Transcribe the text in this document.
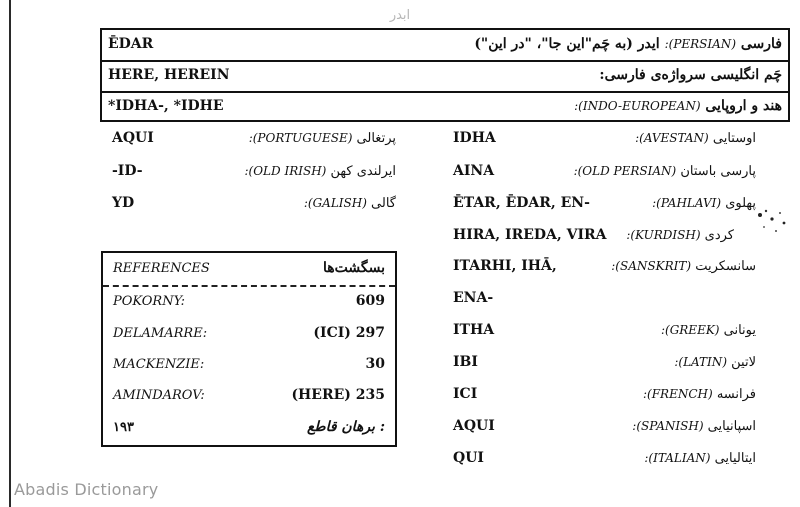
ابدر
ĒDAR	فارسی (PERSIAN): ایدر (به چَم"این جا"، "در این")
HERE, HEREIN	چَم انگلیسی سرواژه‌ی فارسی:
*IDHA-, *IDHE	هند و اروپایی (INDO-EUROPEAN):
AQUI	پرتغالی (PORTUGUESE):
-ID-	ایرلندی کهن (OLD IRISH):
YD	گالی (GALISH):
REFERENCES	بسگشت‌ها
POKORNY:	609
DELAMARRE:	(ICI) 297
MACKENZIE:	30
AMINDAROV:	(HERE) 235
۱۹۳	برهان قاطع :
IDHA	اوستایی (AVESTAN):
AINA	پارسی باستان (OLD PERSIAN):
ĒTAR, ĒDAR, EN-	پهلوی (PAHLAVI):
HIRA, IREDA, VIRA	کردی (KURDISH):
ITARHI, IHĀ,	سانسکریت (SANSKRIT):
ENA-
ITHA	یونانی (GREEK):
IBI	لاتین (LATIN):
ICI	فرانسه (FRENCH):
AQUI	اسپانیایی (SPANISH):
QUI	ایتالیایی (ITALIAN):
Abadis Dictionary
